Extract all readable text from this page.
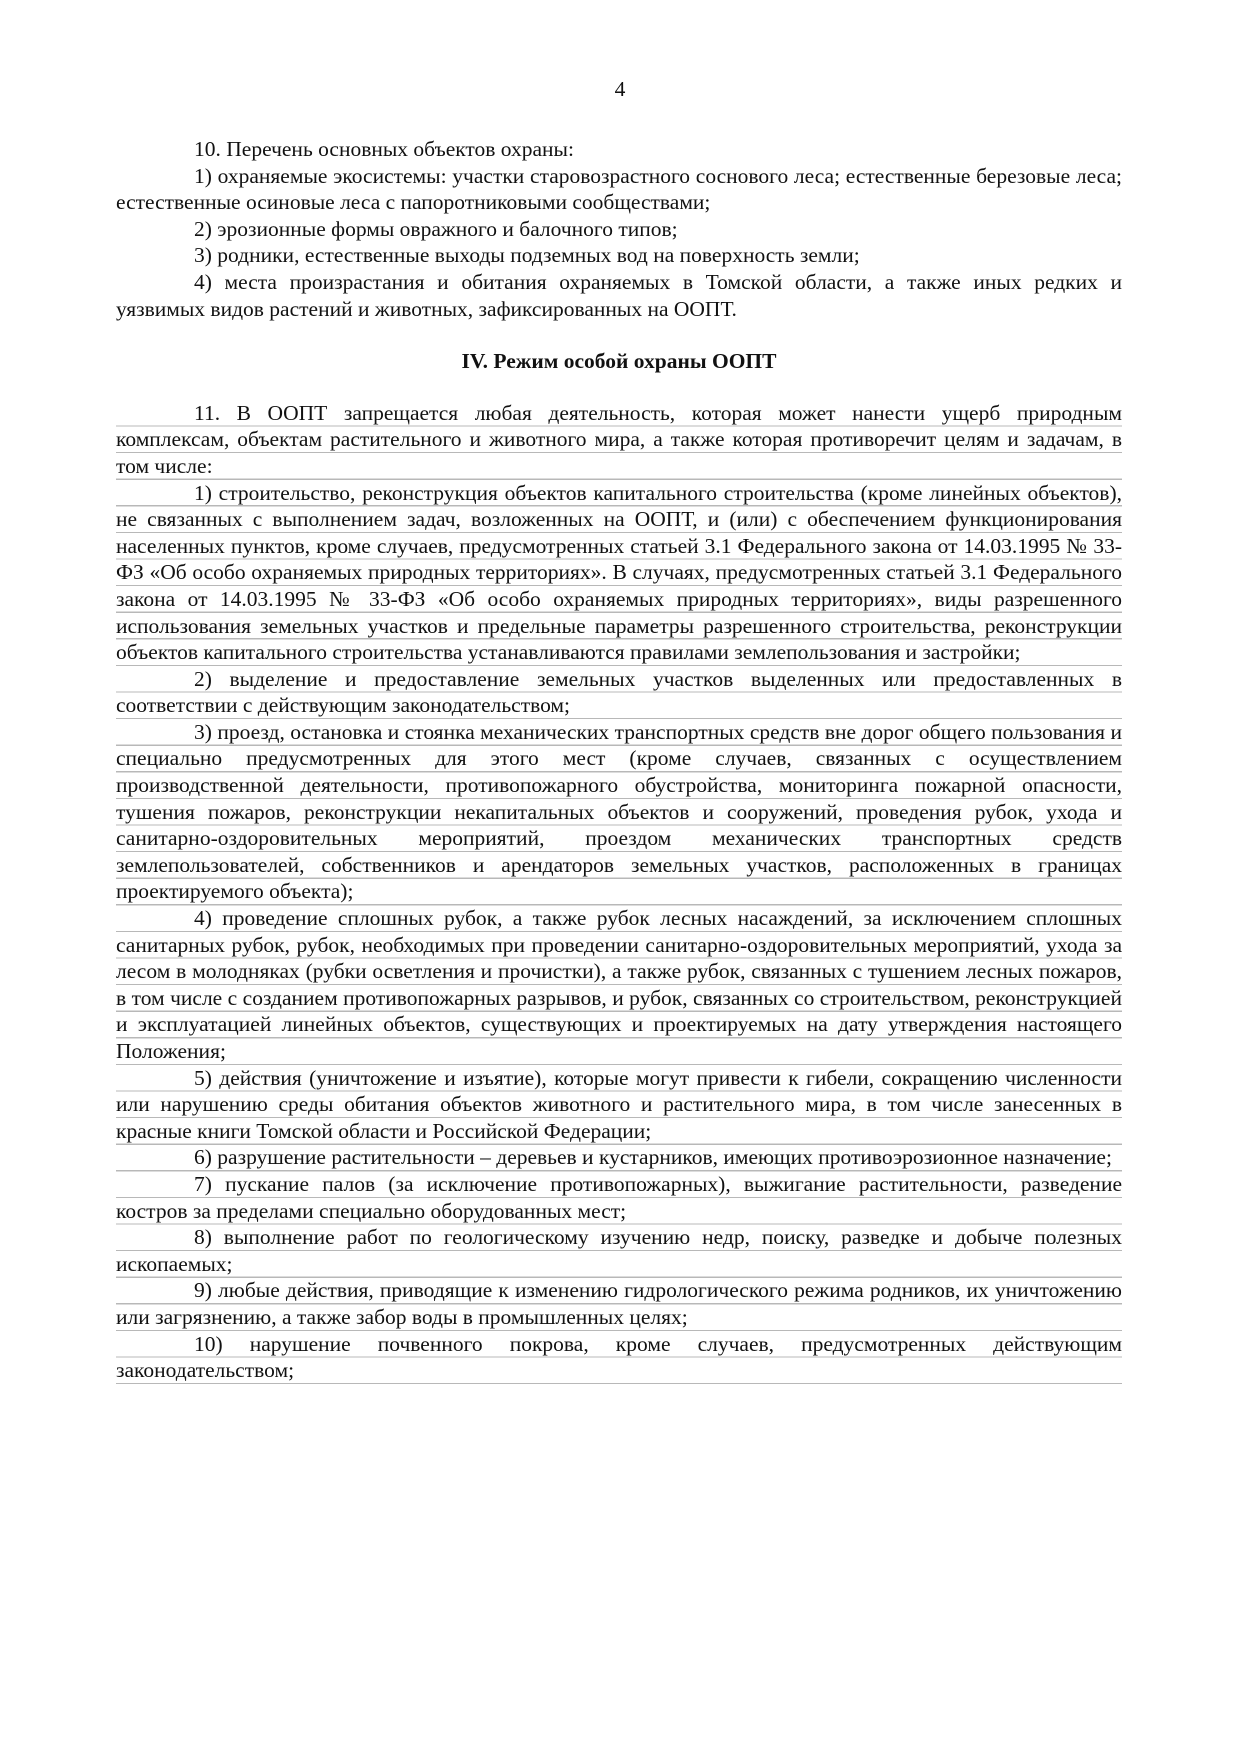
4

10. Перечень основных объектов охраны:

1) охраняемые экосистемы: участки старовозрастного соснового леса; естественные березовые леса; естественные осиновые леса с папоротниковыми сообществами;

2) эрозионные формы овражного и балочного типов;

3) родники, естественные выходы подземных вод на поверхность земли;

4) места произрастания и обитания охраняемых в Томской области, а также иных редких и уязвимых видов растений и животных, зафиксированных на ООПТ.

IV. Режим особой охраны ООПТ

11. В ООПТ запрещается любая деятельность, которая может нанести ущерб природным комплексам, объектам растительного и животного мира, а также которая противоречит целям и задачам, в том числе:

1) строительство, реконструкция объектов капитального строительства (кроме линейных объектов), не связанных с выполнением задач, возложенных на ООПТ, и (или) с обеспечением функционирования населенных пунктов, кроме случаев, предусмотренных статьей 3.1 Федерального закона от 14.03.1995 № 33-ФЗ «Об особо охраняемых природных территориях». В случаях, предусмотренных статьей 3.1 Федерального закона от 14.03.1995 № 33-ФЗ «Об особо охраняемых природных территориях», виды разрешенного использования земельных участков и предельные параметры разрешенного строительства, реконструкции объектов капитального строительства устанавливаются правилами землепользования и застройки;

2) выделение и предоставление земельных участков выделенных или предоставленных в соответствии с действующим законодательством;

3) проезд, остановка и стоянка механических транспортных средств вне дорог общего пользования и специально предусмотренных для этого мест (кроме случаев, связанных с осуществлением производственной деятельности, противопожарного обустройства, мониторинга пожарной опасности, тушения пожаров, реконструкции некапитальных объектов и сооружений, проведения рубок, ухода и санитарно-оздоровительных мероприятий, проездом механических транспортных средств землепользователей, собственников и арендаторов земельных участков, расположенных в границах проектируемого объекта);

4) проведение сплошных рубок, а также рубок лесных насаждений, за исключением сплошных санитарных рубок, рубок, необходимых при проведении санитарно-оздоровительных мероприятий, ухода за лесом в молодняках (рубки осветления и прочистки), а также рубок, связанных с тушением лесных пожаров, в том числе с созданием противопожарных разрывов, и рубок, связанных со строительством, реконструкцией и эксплуатацией линейных объектов, существующих и проектируемых на дату утверждения настоящего Положения;

5) действия (уничтожение и изъятие), которые могут привести к гибели, сокращению численности или нарушению среды обитания объектов животного и растительного мира, в том числе занесенных в красные книги Томской области и Российской Федерации;

6) разрушение растительности – деревьев и кустарников, имеющих противоэрозионное назначение;

7) пускание палов (за исключение противопожарных), выжигание растительности, разведение костров за пределами специально оборудованных мест;

8) выполнение работ по геологическому изучению недр, поиску, разведке и добыче полезных ископаемых;

9) любые действия, приводящие к изменению гидрологического режима родников, их уничтожению или загрязнению, а также забор воды в промышленных целях;

10) нарушение почвенного покрова, кроме случаев, предусмотренных действующим законодательством;
